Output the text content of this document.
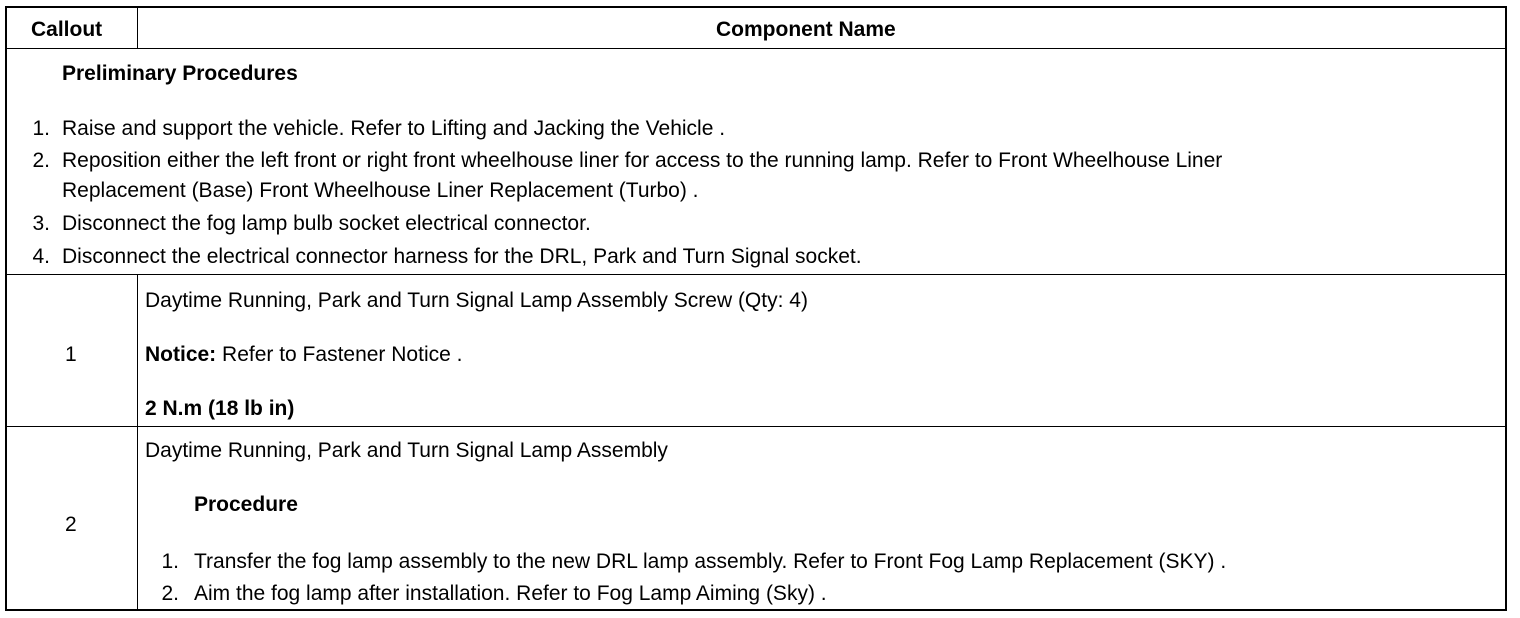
Callout	Component Name
Preliminary Procedures
1. Raise and support the vehicle. Refer to Lifting and Jacking the Vehicle .
2. Reposition either the left front or right front wheelhouse liner for access to the running lamp. Refer to Front Wheelhouse Liner
Replacement (Base) Front Wheelhouse Liner Replacement (Turbo) .
3. Disconnect the fog lamp bulb socket electrical connector.
4. Disconnect the electrical connector harness for the DRL, Park and Turn Signal socket.
1
Daytime Running, Park and Turn Signal Lamp Assembly Screw (Qty: 4)
Notice: Refer to Fastener Notice .
2 N.m (18 lb in)
2
Daytime Running, Park and Turn Signal Lamp Assembly
Procedure
1. Transfer the fog lamp assembly to the new DRL lamp assembly. Refer to Front Fog Lamp Replacement (SKY) .
2. Aim the fog lamp after installation. Refer to Fog Lamp Aiming (Sky) .
